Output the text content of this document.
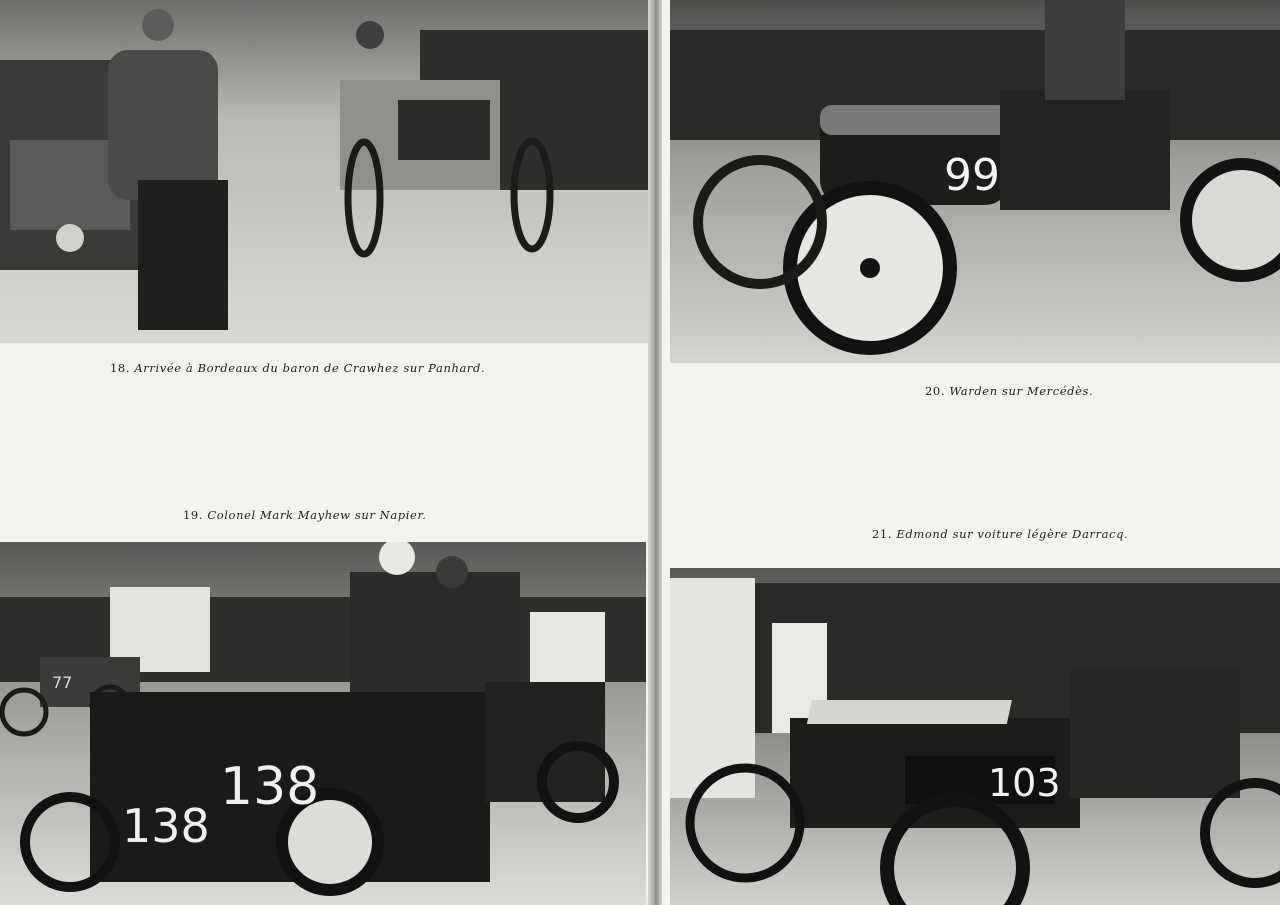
99
77
138
138	103
18. Arrivée à Bordeaux du baron de Crawhez sur Panhard.
19. Colonel Mark Mayhew sur Napier.
20. Warden sur Mercédès.
21. Edmond sur voiture légère Darracq.
